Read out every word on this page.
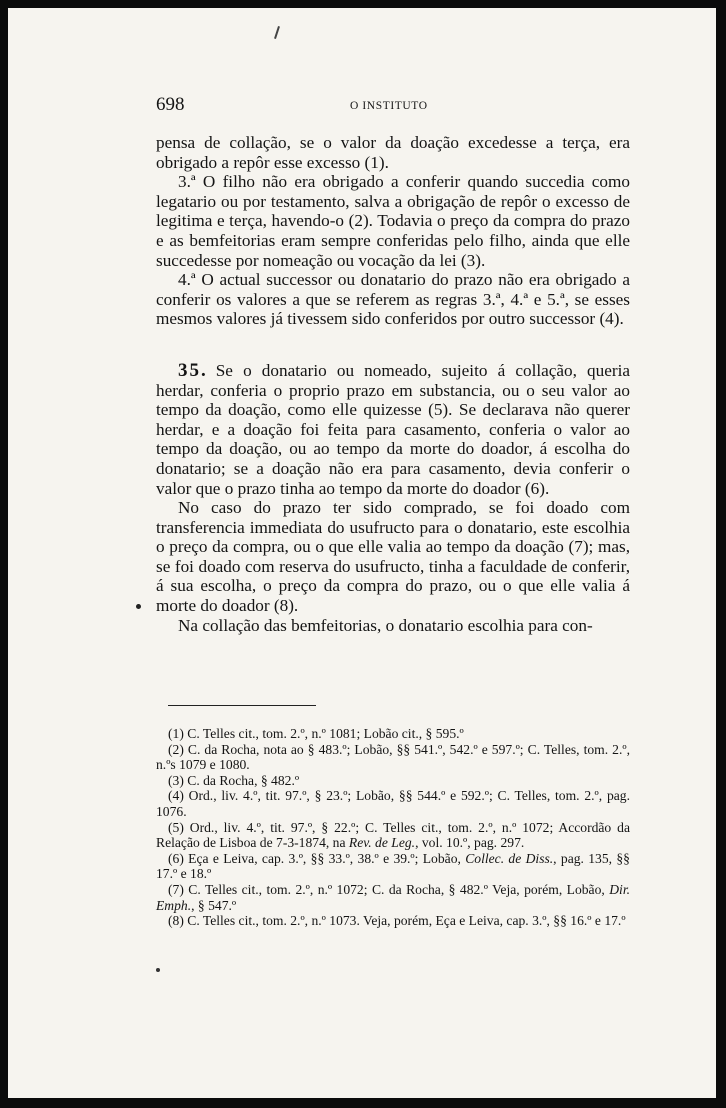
698	O INSTITUTO

pensa de collação, se o valor da doação excedesse a terça, era obrigado a repôr esse excesso (1).

3.ª O filho não era obrigado a conferir quando succedia como legatario ou por testamento, salva a obrigação de repôr o excesso de legitima e terça, havendo-o (2). Todavia o preço da compra do prazo e as bemfeitorias eram sempre conferidas pelo filho, ainda que elle succedesse por nomeação ou vocação da lei (3).

4.ª O actual successor ou donatario do prazo não era obrigado a conferir os valores a que se referem as regras 3.ª, 4.ª e 5.ª, se esses mesmos valores já tivessem sido conferidos por outro successor (4).

35. Se o donatario ou nomeado, sujeito á collação, queria herdar, conferia o proprio prazo em substancia, ou o seu valor ao tempo da doação, como elle quizesse (5). Se declarava não querer herdar, e a doação foi feita para casamento, conferia o valor ao tempo da doação, ou ao tempo da morte do doador, á escolha do donatario; se a doação não era para casamento, devia conferir o valor que o prazo tinha ao tempo da morte do doador (6).

No caso do prazo ter sido comprado, se foi doado com transferencia immediata do usufructo para o donatario, este escolhia o preço da compra, ou o que elle valia ao tempo da doação (7); mas, se foi doado com reserva do usufructo, tinha a faculdade de conferir, á sua escolha, o preço da compra do prazo, ou o que elle valia á morte do doador (8).

Na collação das bemfeitorias, o donatario escolhia para con-

(1) C. Telles cit., tom. 2.º, n.º 1081; Lobão cit., § 595.º

(2) C. da Rocha, nota ao § 483.º; Lobão, §§ 541.º, 542.º e 597.º; C. Telles, tom. 2.º, n.ºs 1079 e 1080.

(3) C. da Rocha, § 482.º

(4) Ord., liv. 4.º, tit. 97.º, § 23.º; Lobão, §§ 544.º e 592.º; C. Telles, tom. 2.º, pag. 1076.

(5) Ord., liv. 4.º, tit. 97.º, § 22.º; C. Telles cit., tom. 2.º, n.º 1072; Accordão da Relação de Lisboa de 7-3-1874, na Rev. de Leg., vol. 10.º, pag. 297.

(6) Eça e Leiva, cap. 3.º, §§ 33.º, 38.º e 39.º; Lobão, Collec. de Diss., pag. 135, §§ 17.º e 18.º

(7) C. Telles cit., tom. 2.º, n.º 1072; C. da Rocha, § 482.º Veja, porém, Lobão, Dir. Emph., § 547.º

(8) C. Telles cit., tom. 2.º, n.º 1073. Veja, porém, Eça e Leiva, cap. 3.º, §§ 16.º e 17.º
